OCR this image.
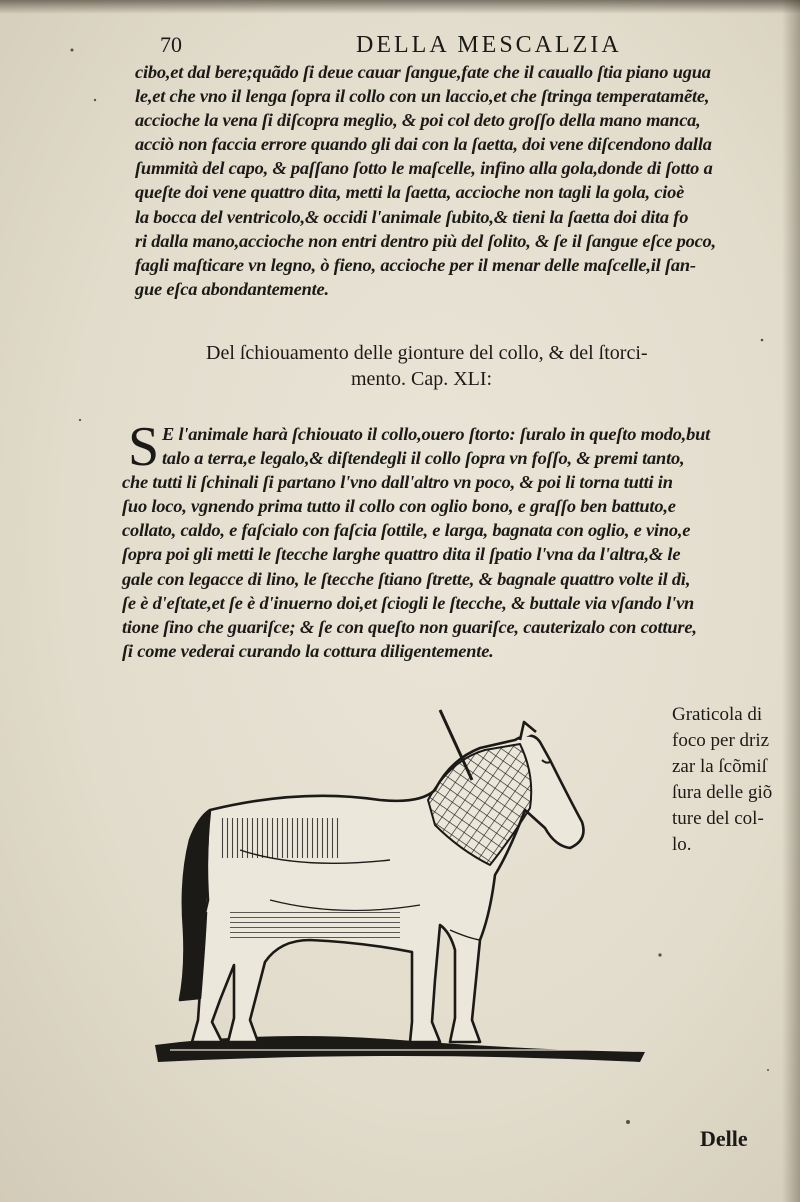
70	DELLA MESCALZIA
cibo,et dal bere;quãdo ſi deue cauar ſangue,fate che il cauallo ſtia piano ugua
le,et che vno il lenga ſopra il collo con un laccio,et che ſtringa temperatamẽte,
accioche la vena ſi diſcopra meglio, & poi col deto groſſo della mano manca,
acciò non faccia errore quando gli dai con la ſaetta, doi vene diſcendono dalla
ſummità del capo, & paſſano ſotto le maſcelle, infino alla gola,donde di ſotto a
queſte doi vene quattro dita, metti la ſaetta, accioche non tagli la gola, cioè
la bocca del ventricolo,& occidi l'animale ſubito,& tieni la ſaetta doi dita fo
ri dalla mano,accioche non entri dentro più del ſolito, & ſe il ſangue eſce poco,
fagli maſticare vn legno, ò fieno, accioche per il menar delle maſcelle,il ſan-
gue eſca abondantemente.
Del ſchiouamento delle gionture del collo, & del ſtorci-
mento. Cap. XLI:
S E l'animale harà ſchiouato il collo,ouero ſtorto: ſuralo in queſto modo,but
talo a terra,e legalo,& diſtendegli il collo ſopra vn foſſo, & premi tanto,
che tutti li ſchinali ſi partano l'vno dall'altro vn poco, & poi li torna tutti in
ſuo loco, vgnendo prima tutto il collo con oglio bono, e graſſo ben battuto,e
collato, caldo, e faſcialo con faſcia ſottile, e larga, bagnata con oglio, e vino,e
ſopra poi gli metti le ſtecche larghe quattro dita il ſpatio l'vna da l'altra,& le
gale con legacce di lino, le ſtecche ſtiano ſtrette, & bagnale quattro volte il dì,
ſe è d'eſtate,et ſe è d'inuerno doi,et ſciogli le ſtecche, & buttale via vſando l'vn
tione ſino che guariſce; & ſe con queſto non guariſce, cauterizalo con cotture,
ſi come vederai curando la cottura diligentemente.
Graticola di
foco per driz
zar la ſcõmiſ
ſura delle giõ
ture del col-
lo.
Delle
